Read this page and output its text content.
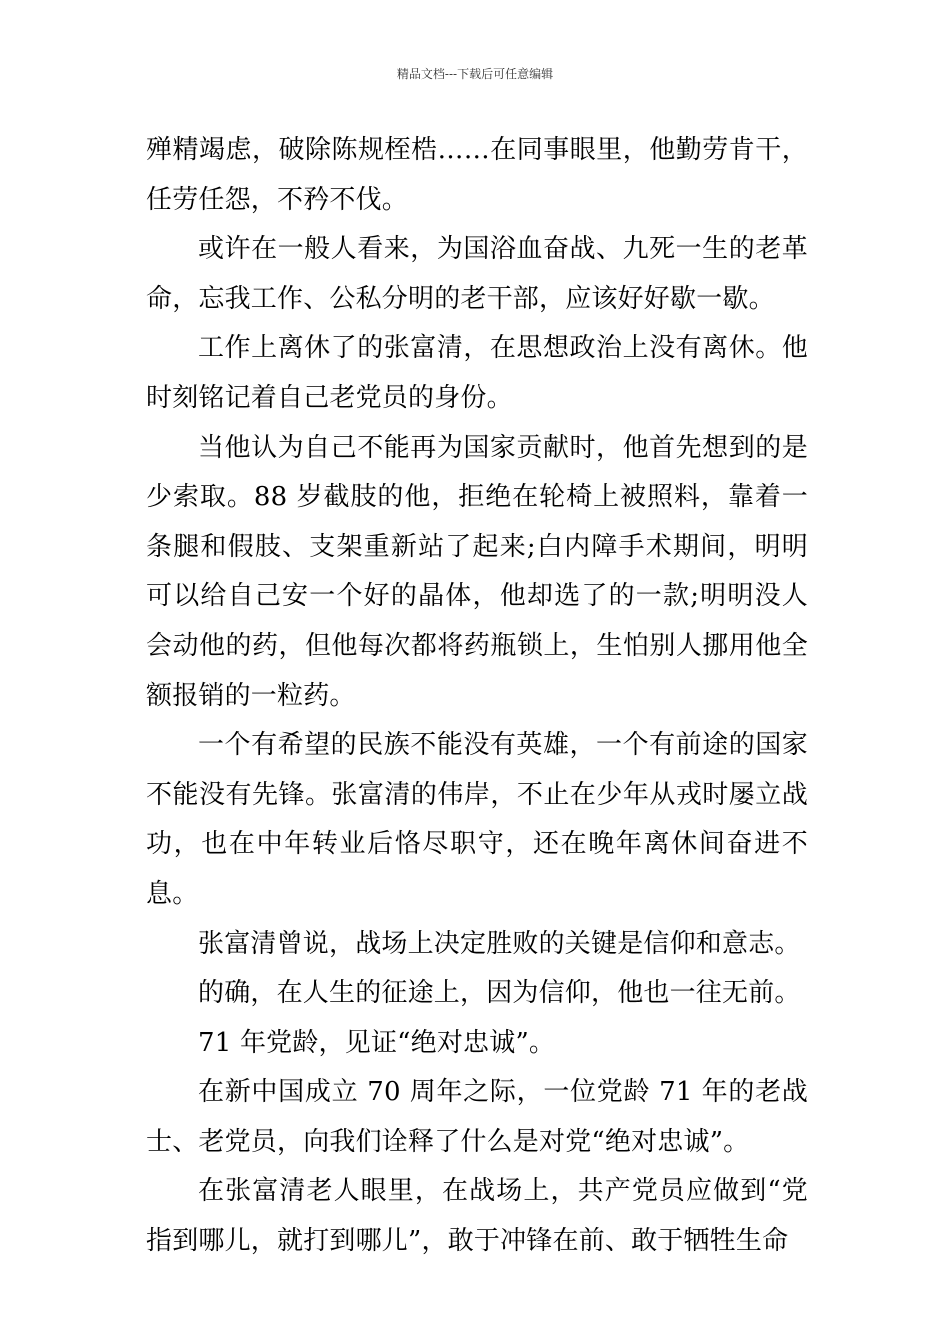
精品文档---下载后可任意编辑

殚精竭虑，破除陈规桎梏……在同事眼里，他勤劳肯干，任劳任怨，不矜不伐。

或许在一般人看来，为国浴血奋战、九死一生的老革命，忘我工作、公私分明的老干部，应该好好歇一歇。

工作上离休了的张富清，在思想政治上没有离休。他时刻铭记着自己老党员的身份。

当他认为自己不能再为国家贡献时，他首先想到的是少索取。88 岁截肢的他，拒绝在轮椅上被照料，靠着一条腿和假肢、支架重新站了起来;白内障手术期间，明明可以给自己安一个好的晶体，他却选了的一款;明明没人会动他的药，但他每次都将药瓶锁上，生怕别人挪用他全额报销的一粒药。

一个有希望的民族不能没有英雄，一个有前途的国家不能没有先锋。张富清的伟岸，不止在少年从戎时屡立战功，也在中年转业后恪尽职守，还在晚年离休间奋进不息。

张富清曾说，战场上决定胜败的关键是信仰和意志。

的确，在人生的征途上，因为信仰，他也一往无前。

71 年党龄，见证“绝对忠诚”。

在新中国成立 70 周年之际，一位党龄 71 年的老战士、老党员，向我们诠释了什么是对党“绝对忠诚”。

在张富清老人眼里，在战场上，共产党员应做到“党指到哪儿，就打到哪儿”，敢于冲锋在前、敢于牺牲生命
